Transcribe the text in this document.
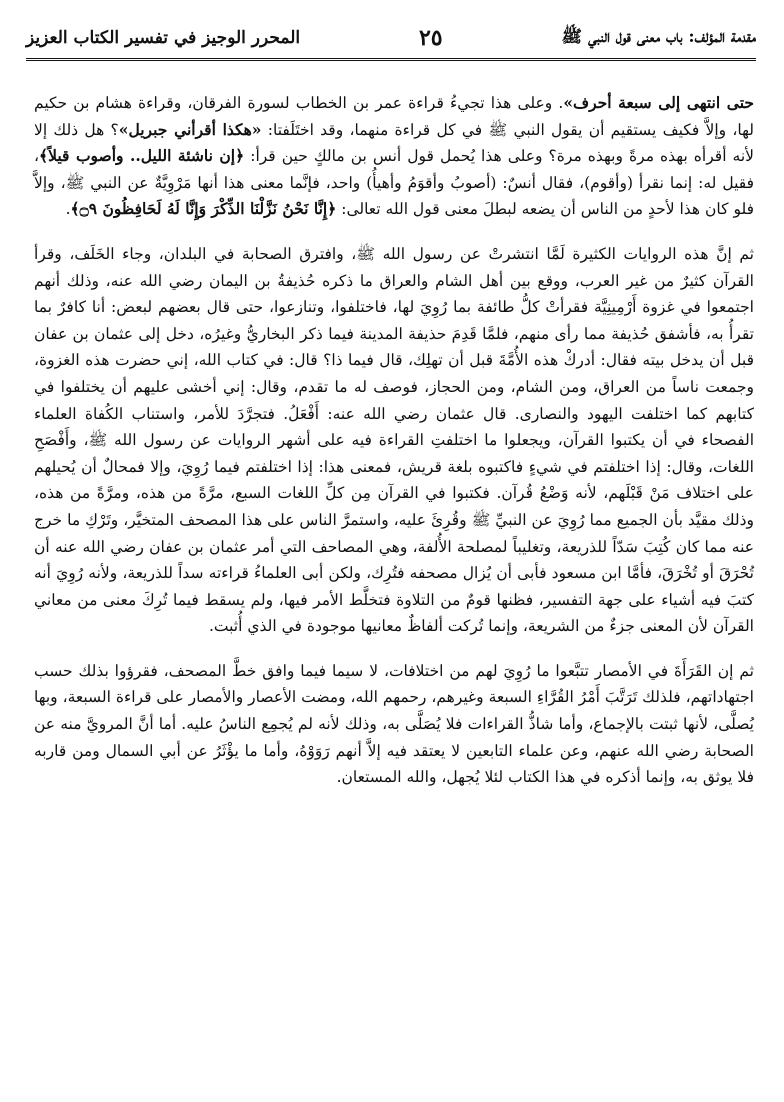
مقدمة المؤلف: باب معنى قول النبي ﷺ
٢٥
المحرر الوجيز في تفسير الكتاب العزيز

حتى انتهى إلى سبعة أحرف». وعلى هذا تجيءُ قراءة عمر بن الخطاب لسورة الفرقان، وقراءة هشام بن حكيم لها، وإلاَّ فكيف يستقيم أن يقول النبي ﷺ في كل قراءة منهما، وقد اختَلَفتا: «هكذا أقرأني جبريل»؟ هل ذلك إلا لأنه أقرأه بهذه مرةً وبهذه مرة؟ وعلى هذا يُحمل قول أنس بن مالكٍ حين قرأ: ﴿إن ناشئة الليل.. وأصوب قيلاً﴾، فقيل له: إنما نقرأ (وأقوم)، فقال أنسٌ: (أصوبُ وأقوَمُ وأهيأُ) واحد، فإنَّما معنى هذا أنها مَرْوِيَّةٌ عن النبي ﷺ، وإلاَّ فلو كان هذا لأحدٍ من الناس أن يضعه لبطلَ معنى قول الله تعالى: ﴿إِنَّا نَحْنُ نَزَّلْنَا الذِّكْرَ وَإِنَّا لَهُ لَحَافِظُونَ ۝٩﴾.

ثم إنَّ هذه الروايات الكثيرة لَمَّا انتشرتْ عن رسول الله ﷺ، وافترق الصحابة في البلدان، وجاء الخَلَف، وقرأ القرآن كثيرٌ من غير العرب، ووقع بين أهل الشام والعراق ما ذكره حُذيفةُ بن اليمان رضي الله عنه، وذلك أنهم اجتمعوا في غزوة أَرْمِينِيَّة فقرأتْ كلُّ طائفة بما رُوِيَ لها، فاختلفوا، وتنازعوا، حتى قال بعضهم لبعض: أنا كافرٌ بما تقرأُ به، فأشفق حُذيفة مما رأى منهم، فلمَّا قَدِمَ حذيفة المدينة فيما ذكر البخاريُّ وغيرُه، دخل إلى عثمان بن عفان قبل أن يدخل بيته فقال: أدركْ هذه الأُمَّةَ قبل أن تهلِك، قال فيما ذا؟ قال: في كتاب الله، إني حضرت هذه الغزوة، وجمعت ناساً من العراق، ومن الشام، ومن الحجاز، فوصف له ما تقدم، وقال: إني أخشى عليهم أن يختلفوا في كتابهم كما اختلفت اليهود والنصارى. قال عثمان رضي الله عنه: أَفْعَلُ. فتجرَّدَ للأمر، واستناب الكُفاة العلماء الفصحاء في أن يكتبوا القرآن، ويجعلوا ما اختلفتِ القراءة فيه على أشهر الروايات عن رسول الله ﷺ، وأَفْصَحِ اللغات، وقال: إذا اختلفتم في شيءٍ فاكتبوه بلغة قريش، فمعنى هذا: إذا اختلفتم فيما رُوِيَ، وإلا فمحالٌ أن يُحيلهم على اختلاف مَنْ قَبْلَهم، لأنه وَضْعُ قُرآن. فكتبوا في القرآن مِن كلِّ اللغات السبع، مرَّةً من هذه، ومرَّةً من هذه، وذلك مقيَّد بأن الجميع مما رُوِيَ عن النبيِّ ﷺ وقُرِئَ عليه، واستمرَّ الناس على هذا المصحف المتخيَّر، وتَرْكِ ما خرج عنه مما كان كُتِبَ سَدّاً للذريعة، وتغليباً لمصلحة الأُلفة، وهي المصاحف التي أمر عثمان بن عفان رضي الله عنه أن تُحْرَقَ أو تُخْرَقَ، فأمَّا ابن مسعود فأبى أن يُزال مصحفه فتُرِك، ولكن أبى العلماءُ قراءته سداً للذريعة، ولأنه رُوِيَ أنه كتبَ فيه أشياء على جهة التفسير، فظنها قومٌ من التلاوة فتخلَّط الأمر فيها، ولم يسقط فيما تُرِكَ معنى من معاني القرآن لأن المعنى جزءٌ من الشريعة، وإنما تُركت ألفاظٌ معانيها موجودة في الذي أُثبت.

ثم إن القَرَأَةَ في الأمصار تتبَّعوا ما رُوِيَ لهم من اختلافات، لا سيما فيما وافق خطَّ المصحف، فقرؤوا بذلك حسب اجتهاداتهم، فلذلك تَرَتَّبَ أَمْرُ القُرَّاءِ السبعة وغيرهم، رحمهم الله، ومضت الأعصار والأمصار على قراءة السبعة، وبها يُصلَّى، لأنها ثبتت بالإجماع، وأما شاذُّ القراءات فلا يُصَلَّى به، وذلك لأنه لم يُجمِع الناسُ عليه. أما أنَّ المرويَّ منه عن الصحابة رضي الله عنهم، وعن علماء التابعين لا يعتقد فيه إلاَّ أنهم رَوَوْهُ، وأما ما يؤْثَرُ عن أبي السمال ومن قاربه فلا يوثق به، وإنما أذكره في هذا الكتاب لئلا يُجهل، والله المستعان.
